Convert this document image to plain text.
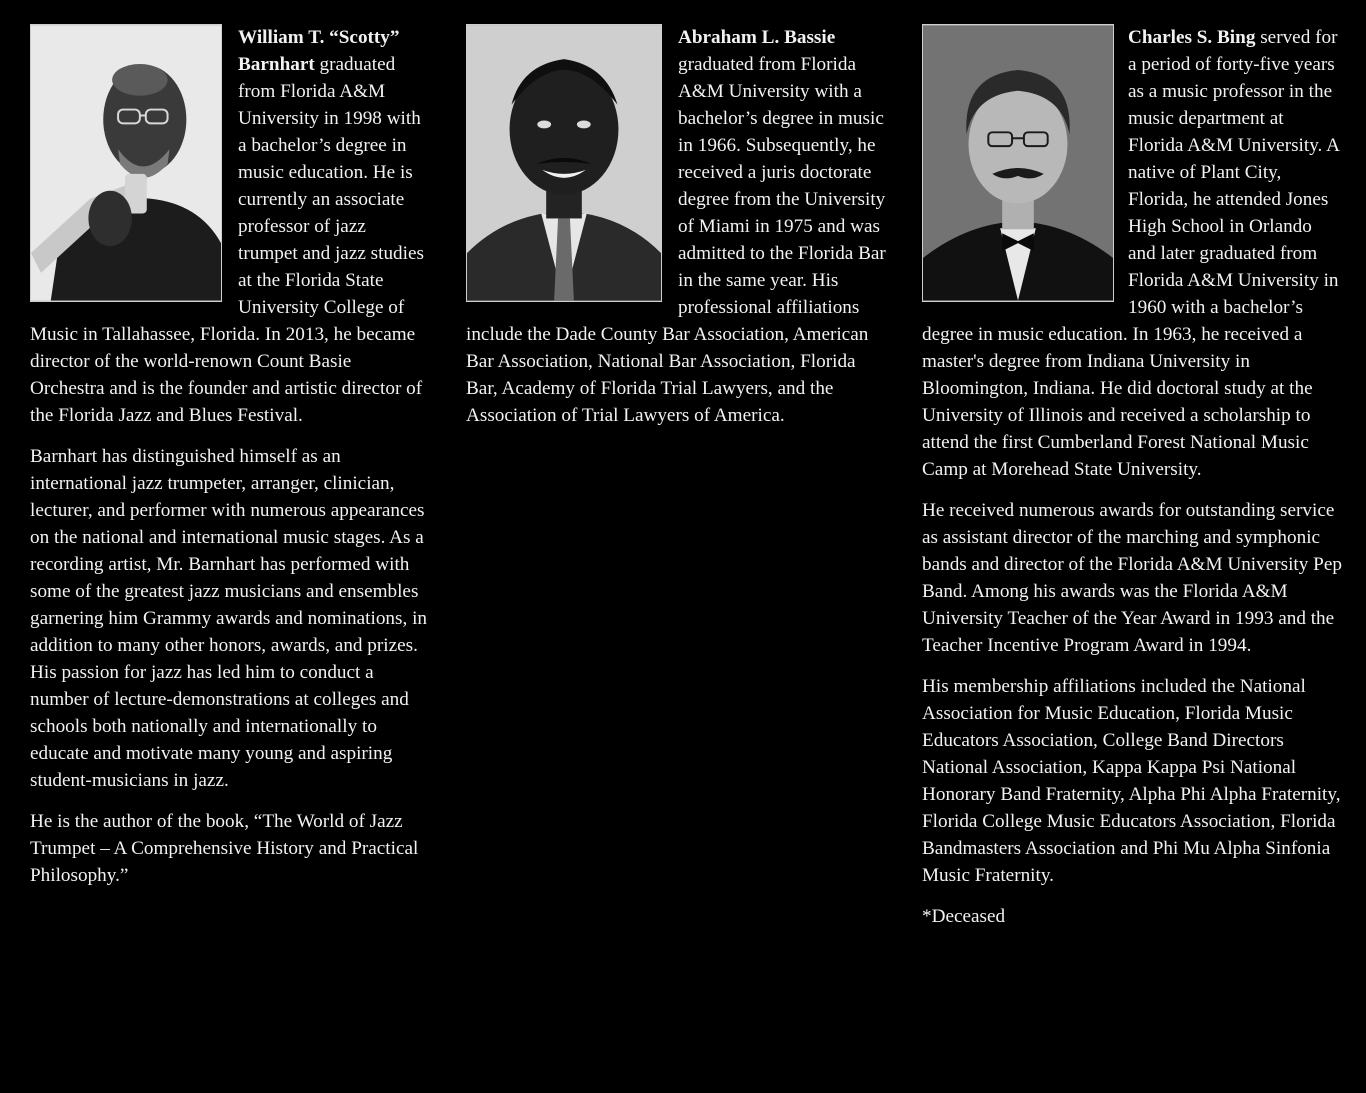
William T. “Scotty” Barnhart graduated from Florida A&M University in 1998 with a bachelor’s degree in music education. He is currently an associate professor of jazz trumpet and jazz studies at the Florida State University College of Music in Tallahassee, Florida. In 2013, he became director of the world-renown Count Basie Orchestra and is the founder and artistic director of the Florida Jazz and Blues Festival.

Barnhart has distinguished himself as an international jazz trumpeter, arranger, clinician, lecturer, and performer with numerous appearances on the national and international music stages. As a recording artist, Mr. Barnhart has performed with some of the greatest jazz musicians and ensembles garnering him Grammy awards and nominations, in addition to many other honors, awards, and prizes. His passion for jazz has led him to conduct a number of lecture-demonstrations at colleges and schools both nationally and internationally to educate and motivate many young and aspiring student-musicians in jazz.

He is the author of the book, “The World of Jazz Trumpet – A Comprehensive History and Practical Philosophy.”

Abraham L. Bassie graduated from Florida A&M University with a bachelor’s degree in music in 1966. Subsequently, he received a juris doctorate degree from the University of Miami in 1975 and was admitted to the Florida Bar in the same year. His professional affiliations include the Dade County Bar Association, American Bar Association, National Bar Association, Florida Bar, Academy of Florida Trial Lawyers, and the Association of Trial Lawyers of America.

Charles S. Bing served for a period of forty-five years as a music professor in the music department at Florida A&M University. A native of Plant City, Florida, he attended Jones High School in Orlando and later graduated from Florida A&M University in 1960 with a bachelor’s degree in music education. In 1963, he received a master's degree from Indiana University in Bloomington, Indiana. He did doctoral study at the University of Illinois and received a scholarship to attend the first Cumberland Forest National Music Camp at Morehead State University.

He received numerous awards for outstanding service as assistant director of the marching and symphonic bands and director of the Florida A&M University Pep Band. Among his awards was the Florida A&M University Teacher of the Year Award in 1993 and the Teacher Incentive Program Award in 1994.

His membership affiliations included the National Association for Music Education, Florida Music Educators Association, College Band Directors National Association, Kappa Kappa Psi National Honorary Band Fraternity, Alpha Phi Alpha Fraternity, Florida College Music Educators Association, Florida Bandmasters Association and Phi Mu Alpha Sinfonia Music Fraternity.

*Deceased
